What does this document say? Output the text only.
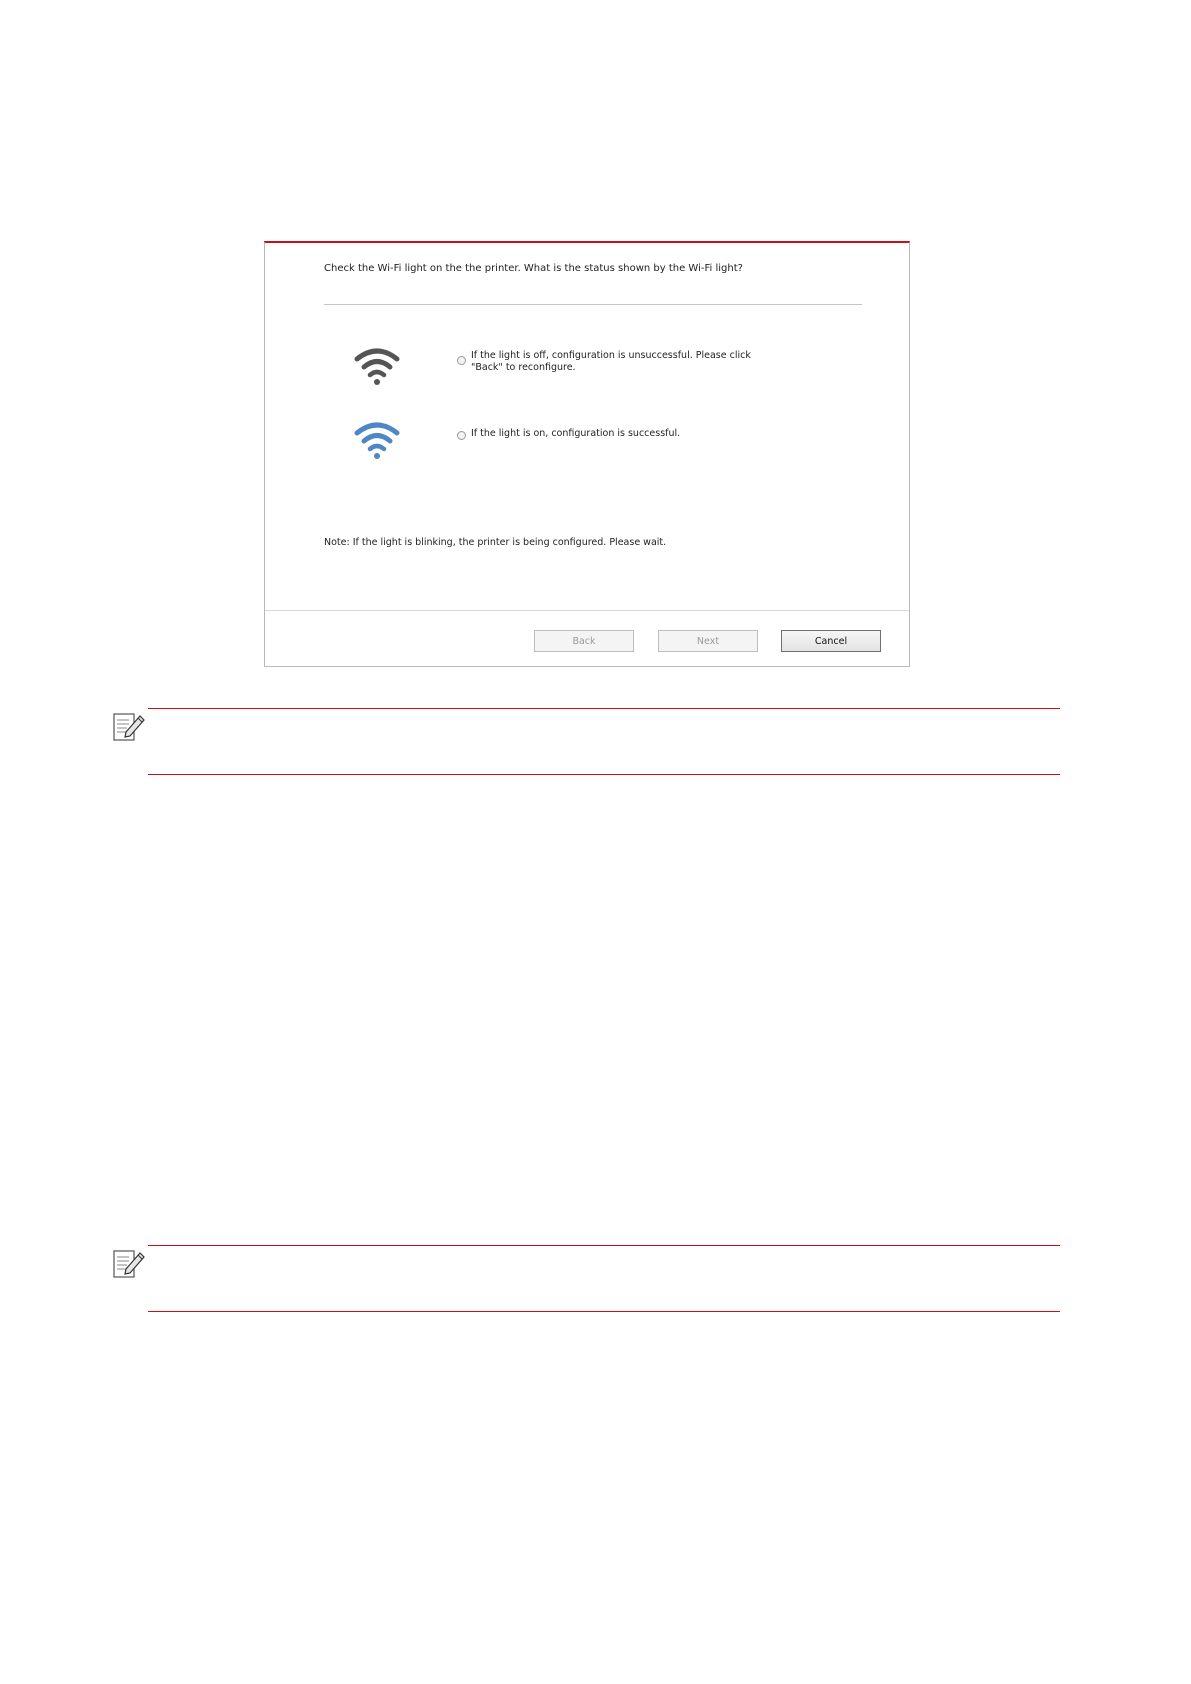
Check the Wi-Fi light on the the printer. What is the status shown by the Wi-Fi light?
If the light is off, configuration is unsuccessful. Please click "Back" to reconfigure.
If the light is on, configuration is successful.
Note: If the light is blinking, the printer is being configured. Please wait.
Back	Next	Cancel
